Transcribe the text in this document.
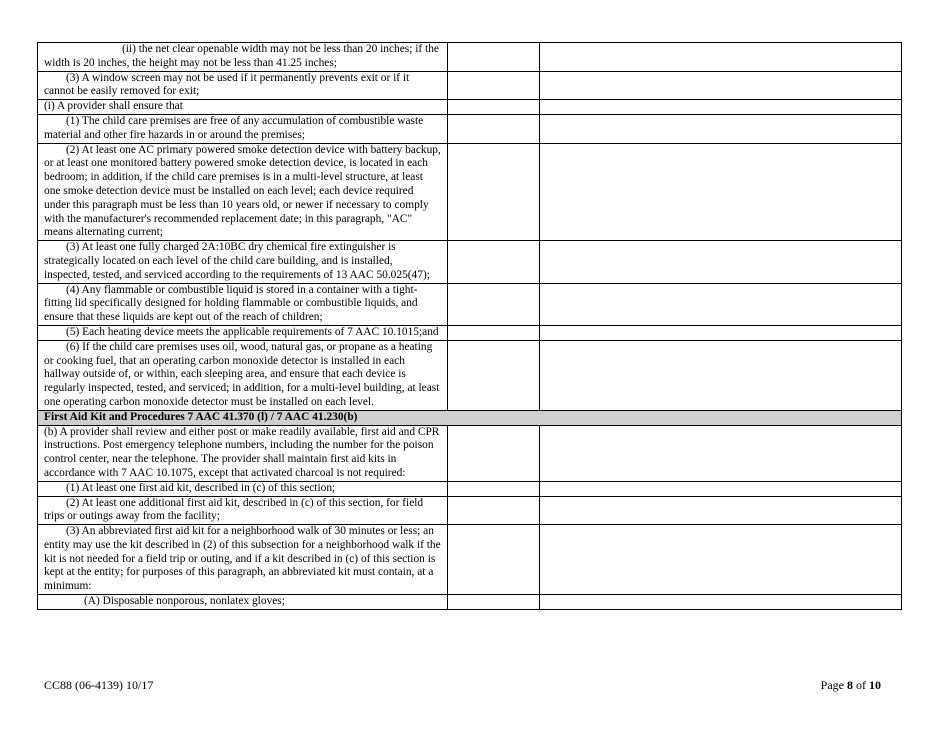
(ii) the net clear openable width may not be less than 20 inches; if the width is 20 inches, the height may not be less than 41.25 inches;		
(3) A window screen may not be used if it permanently prevents exit or if it cannot be easily removed for exit;		
(i) A provider shall ensure that		
(1) The child care premises are free of any accumulation of combustible waste material and other fire hazards in or around the premises;		
(2) At least one AC primary powered smoke detection device with battery backup, or at least one monitored battery powered smoke detection device, is located in each bedroom; in addition, if the child care premises is in a multi-level structure, at least one smoke detection device must be installed on each level; each device required under this paragraph must be less than 10 years old, or newer if necessary to comply with the manufacturer's recommended replacement date; in this paragraph, "AC" means alternating current;		
(3) At least one fully charged 2A:10BC dry chemical fire extinguisher is strategically located on each level of the child care building, and is installed, inspected, tested, and serviced according to the requirements of 13 AAC 50.025(47);		
(4) Any flammable or combustible liquid is stored in a container with a tight-fitting lid specifically designed for holding flammable or combustible liquids, and ensure that these liquids are kept out of the reach of children;		
(5) Each heating device meets the applicable requirements of 7 AAC 10.1015;and		
(6) If the child care premises uses oil, wood, natural gas, or propane as a heating or cooking fuel, that an operating carbon monoxide detector is installed in each hallway outside of, or within, each sleeping area, and ensure that each device is regularly inspected, tested, and serviced; in addition, for a multi-level building, at least one operating carbon monoxide detector must be installed on each level.		
First Aid Kit and Procedures 7 AAC 41.370 (l) / 7 AAC 41.230(b)		
(b) A provider shall review and either post or make readily available, first aid and CPR instructions. Post emergency telephone numbers, including the number for the poison control center, near the telephone. The provider shall maintain first aid kits in accordance with 7 AAC 10.1075, except that activated charcoal is not required:		
(1) At least one first aid kit, described in (c) of this section;		
(2) At least one additional first aid kit, described in (c) of this section, for field trips or outings away from the facility;		
(3) An abbreviated first aid kit for a neighborhood walk of 30 minutes or less; an entity may use the kit described in (2) of this subsection for a neighborhood walk if the kit is not needed for a field trip or outing, and if a kit described in (c) of this section is kept at the entity; for purposes of this paragraph, an abbreviated kit must contain, at a minimum:		
(A) Disposable nonporous, nonlatex gloves;		
CC88 (06-4139) 10/17	Page 8 of 10
